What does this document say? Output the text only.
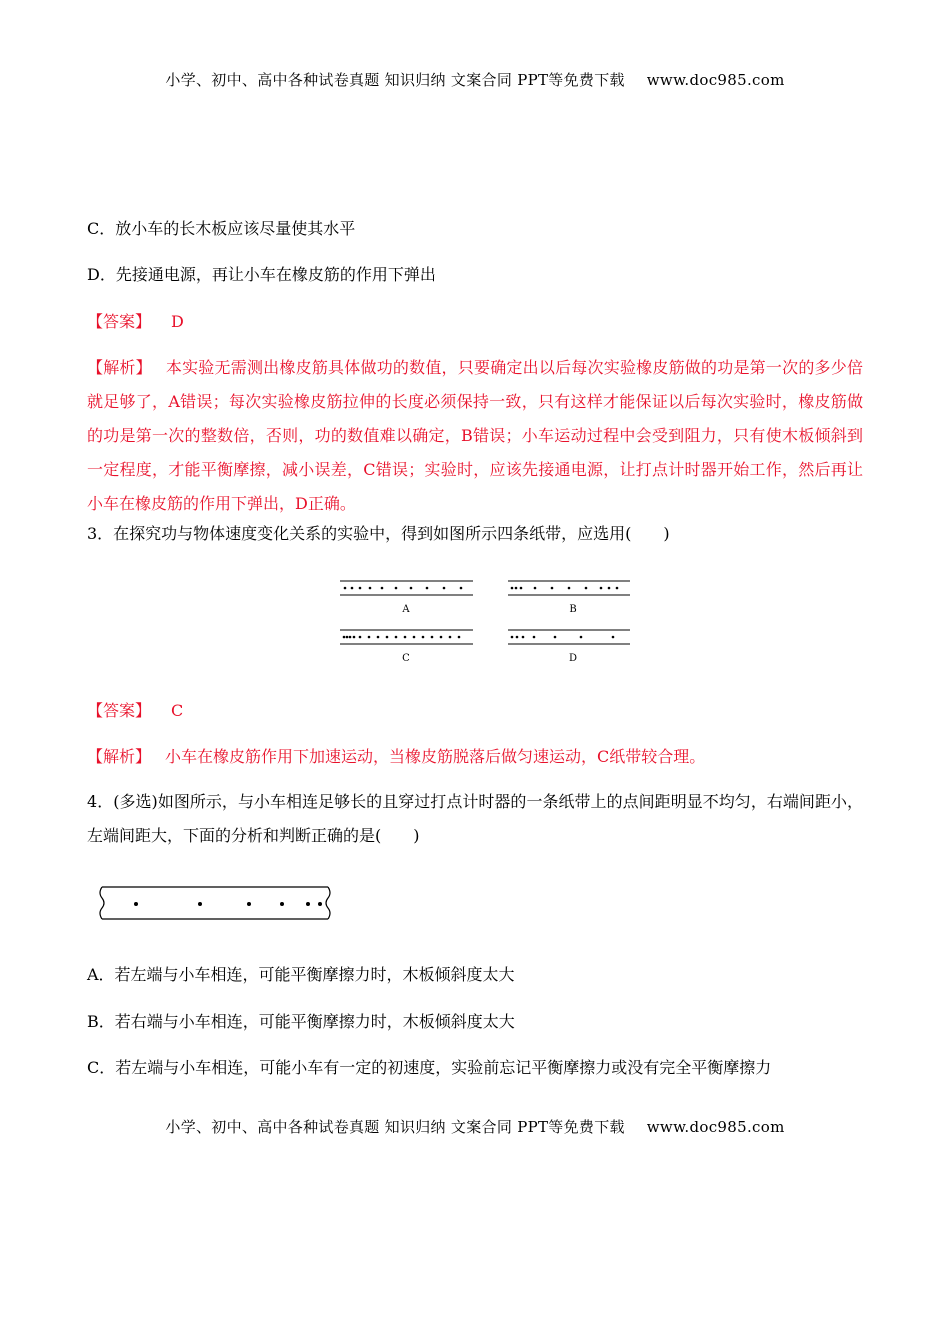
小学、初中、高中各种试卷真题 知识归纳 文案合同 PPT等免费下载 www.doc985.com
C．放小车的长木板应该尽量使其水平
D．先接通电源，再让小车在橡皮筋的作用下弹出
【答案】 D
【解析】 本实验无需测出橡皮筋具体做功的数值，只要确定出以后每次实验橡皮筋做的功是第一次的多少倍就足够了，A错误；每次实验橡皮筋拉伸的长度必须保持一致，只有这样才能保证以后每次实验时，橡皮筋做的功是第一次的整数倍，否则，功的数值难以确定，B错误；小车运动过程中会受到阻力，只有使木板倾斜到一定程度，才能平衡摩擦，减小误差，C错误；实验时，应该先接通电源，让打点计时器开始工作，然后再让小车在橡皮筋的作用下弹出，D正确。
3．在探究功与物体速度变化关系的实验中，得到如图所示四条纸带，应选用(　　)
A	B
C	D
【答案】 C
【解析】 小车在橡皮筋作用下加速运动，当橡皮筋脱落后做匀速运动，C纸带较合理。
4．(多选)如图所示，与小车相连足够长的且穿过打点计时器的一条纸带上的点间距明显不均匀，右端间距小，左端间距大，下面的分析和判断正确的是(　　)
A．若左端与小车相连，可能平衡摩擦力时，木板倾斜度太大
B．若右端与小车相连，可能平衡摩擦力时，木板倾斜度太大
C．若左端与小车相连，可能小车有一定的初速度，实验前忘记平衡摩擦力或没有完全平衡摩擦力
小学、初中、高中各种试卷真题 知识归纳 文案合同 PPT等免费下载 www.doc985.com
